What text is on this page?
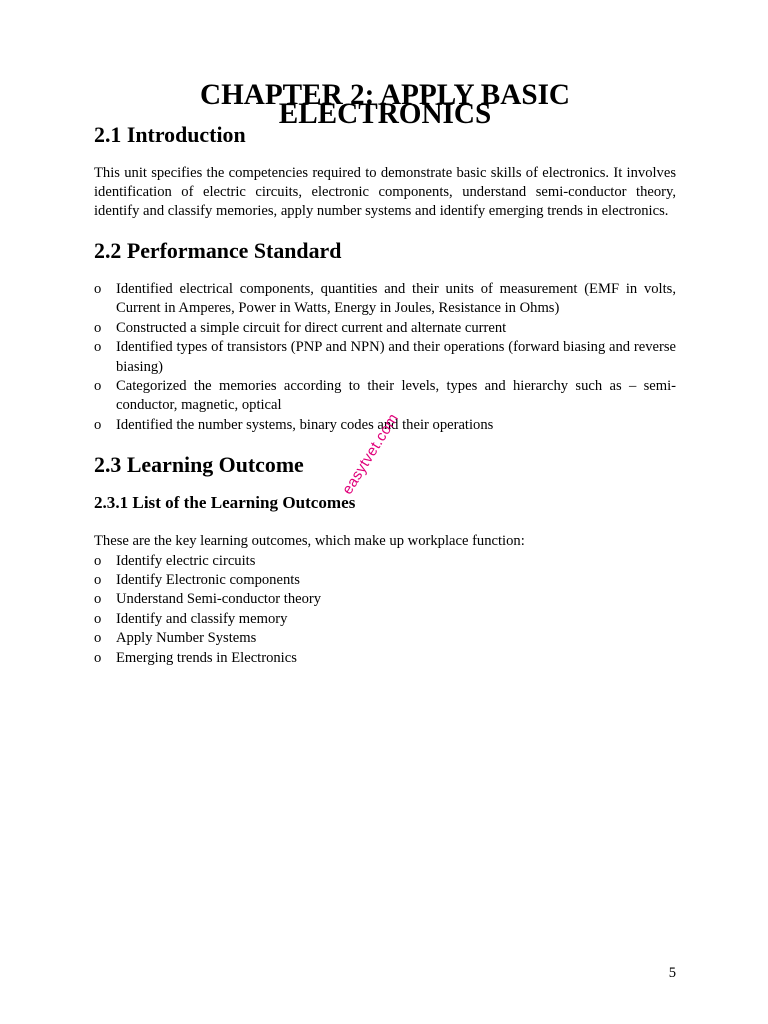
CHAPTER 2: APPLY BASIC ELECTRONICS
2.1 Introduction

This unit specifies the competencies required to demonstrate basic skills of electronics. It involves identification of electric circuits, electronic components, understand semi-conductor theory, identify and classify memories, apply number systems and identify emerging trends in electronics.

2.2 Performance Standard
o	Identified electrical components, quantities and their units of measurement (EMF in volts, Current in Amperes, Power in Watts, Energy in Joules, Resistance in Ohms)
o	Constructed a simple circuit for direct current and alternate current
o	Identified types of transistors (PNP and NPN) and their operations (forward biasing and reverse biasing)
o	Categorized the memories according to their levels, types and hierarchy such as – semi-conductor, magnetic, optical
o	Identified the number systems, binary codes and their operations
2.3 Learning Outcome
2.3.1 List of the Learning Outcomes

These are the key learning outcomes, which make up workplace function:

o	Identify electric circuits
o	Identify Electronic components
o	Understand Semi-conductor theory
o	Identify and classify memory
o	Apply Number Systems
o	Emerging trends in Electronics
easytvet.com
5
